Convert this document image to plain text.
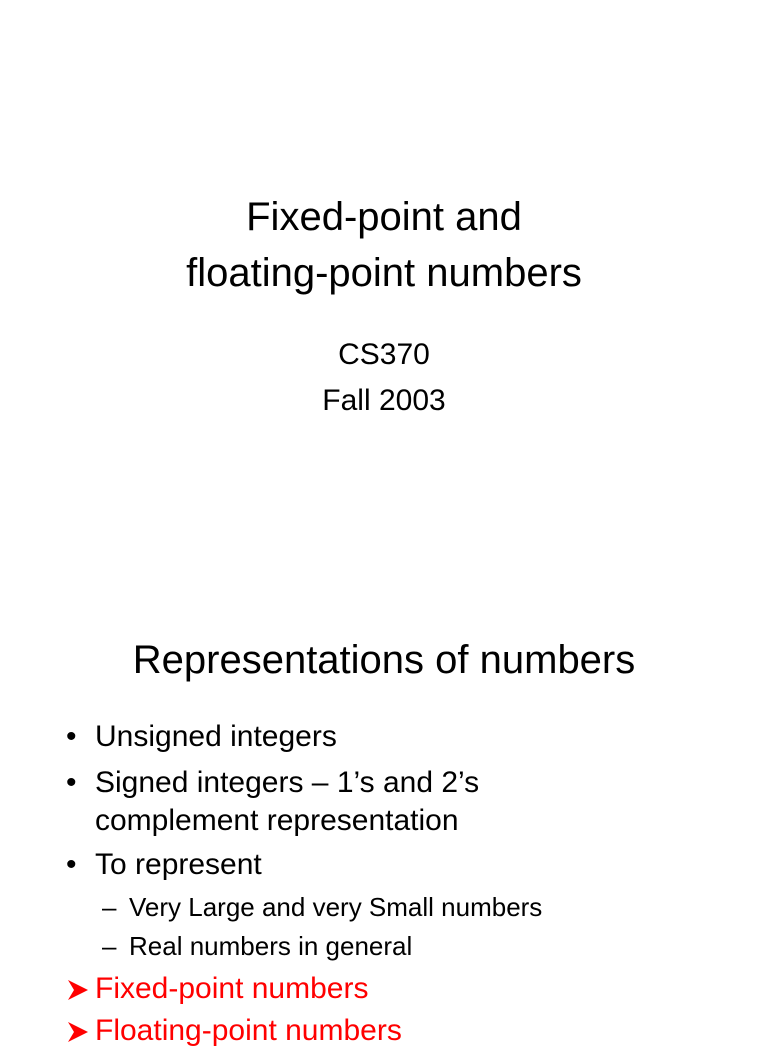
Fixed-point and
floating-point numbers
CS370
Fall 2003
Representations of numbers
• Unsigned integers
• Signed integers – 1’s and 2’s
complement representation
• To represent
– Very Large and very Small numbers
– Real numbers in general
Fixed-point numbers
Floating-point numbers
